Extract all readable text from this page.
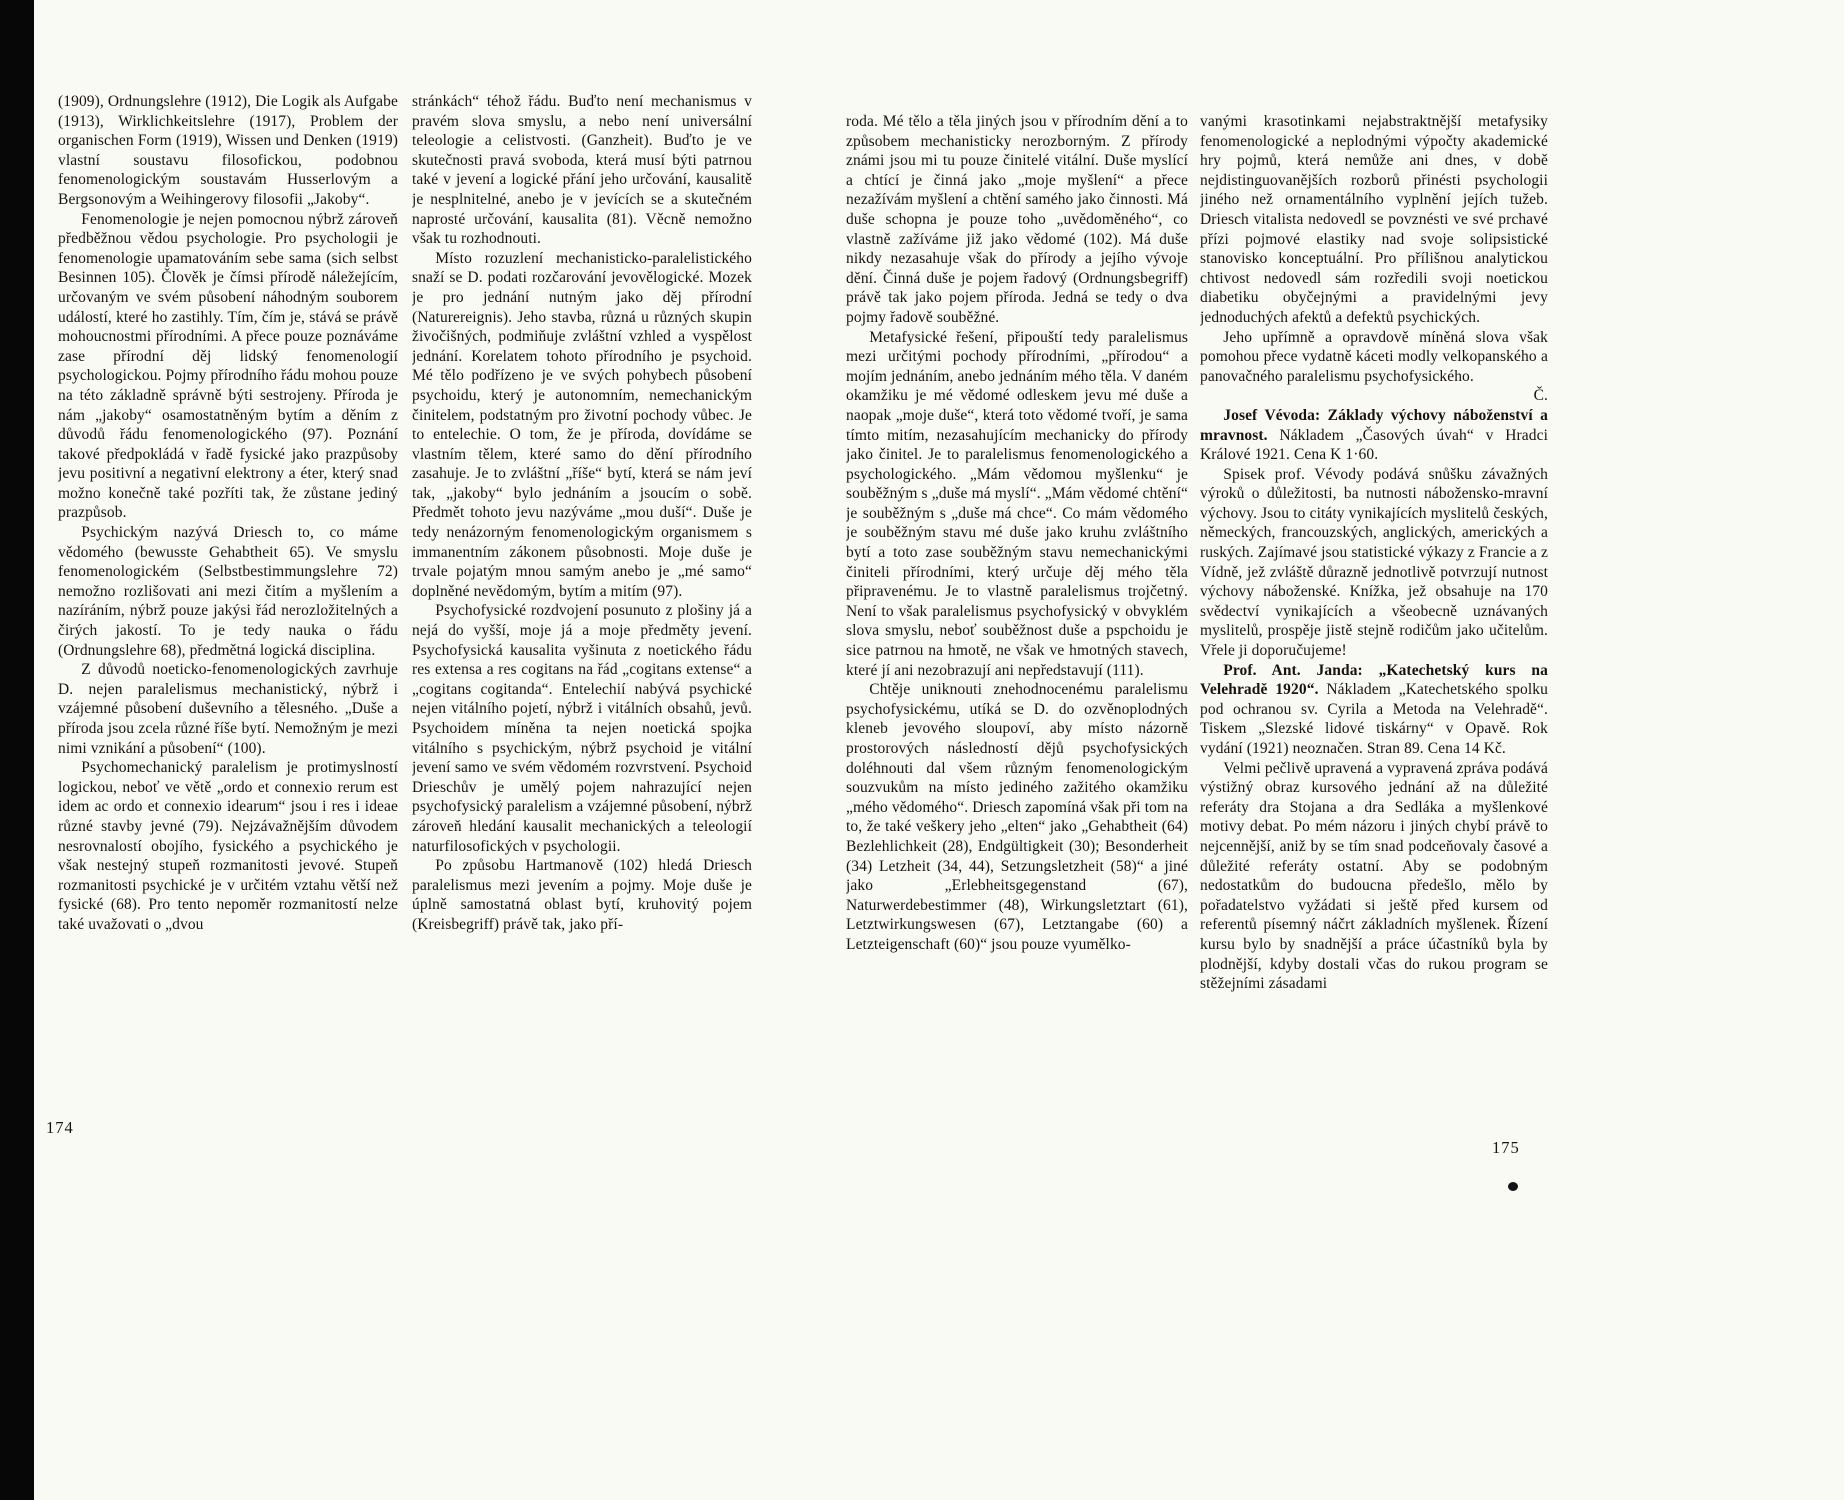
(1909), Ordnungslehre (1912), Die Logik als Aufgabe (1913), Wirklichkeitslehre (1917), Problem der organischen Form (1919), Wissen und Denken (1919) vlastní soustavu filosofickou, podobnou fenomenologickým soustavám Husserlovým a Bergsonovým a Weihingerovy filosofii „Jakoby“.

Fenomenologie je nejen pomocnou nýbrž zároveň předběžnou vědou psychologie. Pro psychologii je fenomenologie upamatováním sebe sama (sich selbst Besinnen 105). Člověk je čímsi přírodě náležejícím, určovaným ve svém působení náhodným souborem událostí, které ho zastihly. Tím, čím je, stává se právě mohoucnostmi přírodními. A přece pouze poznáváme zase přírodní děj lidský fenomenologií psychologickou. Pojmy přírodního řádu mohou pouze na této základně správně býti sestrojeny. Příroda je nám „jakoby“ osamostatněným bytím a děním z důvodů řádu fenomenologického (97). Poznání takové předpokládá v řadě fysické jako prazpůsoby jevu positivní a negativní elektrony a éter, který snad možno konečně také pozříti tak, že zůstane jediný prazpůsob.

Psychickým nazývá Driesch to, co máme vědomého (bewusste Gehabtheit 65). Ve smyslu fenomenologickém (Selbstbestimmungslehre 72) nemožno rozlišovati ani mezi čitím a myšlením a nazíráním, nýbrž pouze jakýsi řád nerozložitelných a čirých jakostí. To je tedy nauka o řádu (Ordnungslehre 68), předmětná logická disciplina.

Z důvodů noeticko-fenomenologických zavrhuje D. nejen paralelismus mechanistický, nýbrž i vzájemné působení duševního a tělesného. „Duše a příroda jsou zcela různé říše bytí. Nemožným je mezi nimi vznikání a působení“ (100).

Psychomechanický paralelism je protimyslností logickou, neboť ve větě „ordo et connexio rerum est idem ac ordo et connexio idearum“ jsou i res i ideae různé stavby jevné (79). Nejzávažnějším důvodem nesrovnalostí obojího, fysického a psychického je však nestejný stupeň rozmanitosti jevové. Stupeň rozmanitosti psychické je v určitém vztahu větší než fysické (68). Pro tento nepoměr rozmanitostí nelze také uvažovati o „dvou

stránkách“ téhož řádu. Buďto není mechanismus v pravém slova smyslu, a nebo není universální teleologie a celistvosti. (Ganzheit). Buďto je ve skutečnosti pravá svoboda, která musí býti patrnou také v jevení a logické přání jeho určování, kausalitě je nesplnitelné, anebo je v jevících se a skutečném naprosté určování, kausalita (81). Věcně nemožno však tu rozhodnouti.

Místo rozuzlení mechanisticko-paralelistického snaží se D. podati rozčarování jevovělogické. Mozek je pro jednání nutným jako děj přírodní (Naturereignis). Jeho stavba, různá u různých skupin živočišných, podmiňuje zvláštní vzhled a vyspělost jednání. Korelatem tohoto přírodního je psychoid. Mé tělo podřízeno je ve svých pohybech působení psychoidu, který je autonomním, nemechanickým činitelem, podstatným pro životní pochody vůbec. Je to entelechie. O tom, že je příroda, dovídáme se vlastním tělem, které samo do dění přírodního zasahuje. Je to zvláštní „říše“ bytí, která se nám jeví tak, „jakoby“ bylo jednáním a jsoucím o sobě. Předmět tohoto jevu nazýváme „mou duší“. Duše je tedy nenázorným fenomenologickým organismem s immanentním zákonem působnosti. Moje duše je trvale pojatým mnou samým anebo je „mé samo“ doplněné nevědomým, bytím a mitím (97).

Psychofysické rozdvojení posunuto z plošiny já a nejá do vyšší, moje já a moje předměty jevení. Psychofysická kausalita vyšinuta z noetického řádu res extensa a res cogitans na řád „cogitans extense“ a „cogitans cogitanda“. Entelechií nabývá psychické nejen vitálního pojetí, nýbrž i vitálních obsahů, jevů. Psychoidem míněna ta nejen noetická spojka vitálního s psychickým, nýbrž psychoid je vitální jevení samo ve svém vědomém rozvrstvení. Psychoid Drieschův je umělý pojem nahrazující nejen psychofysický paralelism a vzájemné působení, nýbrž zároveň hledání kausalit mechanických a teleologií naturfilosofických v psychologii.

Po způsobu Hartmanově (102) hledá Driesch paralelismus mezi jevením a pojmy. Moje duše je úplně samostatná oblast bytí, kruhovitý pojem (Kreisbegriff) právě tak, jako pří-

174

roda. Mé tělo a těla jiných jsou v přírodním dění a to způsobem mechanisticky nerozborným. Z přírody známi jsou mi tu pouze činitelé vitální. Duše myslící a chtící je činná jako „moje myšlení“ a přece nezažívám myšlení a chtění samého jako činnosti. Má duše schopna je pouze toho „uvědoměného“, co vlastně zažíváme již jako vědomé (102). Má duše nikdy nezasahuje však do přírody a jejího vývoje dění. Činná duše je pojem řadový (Ordnungsbegriff) právě tak jako pojem příroda. Jedná se tedy o dva pojmy řadově souběžné.

Metafysické řešení, připouští tedy paralelismus mezi určitými pochody přírodními, „přírodou“ a mojím jednáním, anebo jednáním mého těla. V daném okamžiku je mé vědomé odleskem jevu mé duše a naopak „moje duše“, která toto vědomé tvoří, je sama tímto mitím, nezasahujícím mechanicky do přírody jako činitel. Je to paralelismus fenomenologického a psychologického. „Mám vědomou myšlenku“ je souběžným s „duše má myslí“. „Mám vědomé chtění“ je souběžným s „duše má chce“. Co mám vědomého je souběžným stavu mé duše jako kruhu zvláštního bytí a toto zase souběžným stavu nemechanickými činiteli přírodními, který určuje děj mého těla připravenému. Je to vlastně paralelismus trojčetný. Není to však paralelismus psychofysický v obvyklém slova smyslu, neboť souběžnost duše a pspchoidu je sice patrnou na hmotě, ne však ve hmotných stavech, které jí ani nezobrazují ani nepředstavují (111).

Chtěje uniknouti znehodnocenému paralelismu psychofysickému, utíká se D. do ozvěnoplodných kleneb jevového sloupoví, aby místo názorně prostorových následností dějů psychofysických doléhnouti dal všem různým fenomenologickým souzvukům na místo jediného zažitého okamžiku „mého vědomého“. Driesch zapomíná však při tom na to, že také veškery jeho „elten“ jako „Gehabtheit (64) Bezlehlichkeit (28), Endgültigkeit (30); Besonderheit (34) Letzheit (34, 44), Setzungsletzheit (58)“ a jiné jako „Erlebheitsgegenstand (67), Naturwerdebestimmer (48), Wirkungsletztart (61), Letztwirkungswesen (67), Letztangabe (60) a Letzteigenschaft (60)“ jsou pouze vyumělko-

vanými krasotinkami nejabstraktnější metafysiky fenomenologické a neplodnými výpočty akademické hry pojmů, která nemůže ani dnes, v době nejdistinguovanějších rozborů přinésti psychologii jiného než ornamentálního vyplnění jejích tužeb. Driesch vitalista nedovedl se povznésti ve své prchavé přízi pojmové elastiky nad svoje solipsistické stanovisko konceptuální. Pro přílišnou analytickou chtivost nedovedl sám rozředili svoji noetickou diabetiku obyčejnými a pravidelnými jevy jednoduchých afektů a defektů psychických.

Jeho upřímně a opravdově míněná slova však pomohou přece vydatně káceti modly velkopanského a panovačného paralelismu psychofysického.

Č.

Josef Vévoda: Základy výchovy náboženství a mravnost. Nákladem „Časových úvah“ v Hradci Králové 1921. Cena K 1·60.

Spisek prof. Vévody podává snůšku závažných výroků o důležitosti, ba nutnosti nábožensko-mravní výchovy. Jsou to citáty vynikajících myslitelů českých, německých, francouzských, anglických, amerických a ruských. Zajímavé jsou statistické výkazy z Francie a z Vídně, jež zvláště důrazně jednotlivě potvrzují nutnost výchovy náboženské. Knížka, jež obsahuje na 170 svědectví vynikajících a všeobecně uznávaných myslitelů, prospěje jistě stejně rodičům jako učitelům. Vřele ji doporučujeme!

Prof. Ant. Janda: „Katechetský kurs na Velehradě 1920“. Nákladem „Katechetského spolku pod ochranou sv. Cyrila a Metoda na Velehradě“. Tiskem „Slezské lidové tiskárny“ v Opavě. Rok vydání (1921) neoznačen. Stran 89. Cena 14 Kč.

Velmi pečlivě upravená a vypravená zpráva podává výstižný obraz kursového jednání až na důležité referáty dra Stojana a dra Sedláka a myšlenkové motivy debat. Po mém názoru i jiných chybí právě to nejcennější, aniž by se tím snad podceňovaly časové a důležité referáty ostatní. Aby se podobným nedostatkům do budoucna předešlo, mělo by pořadatelstvo vyžádati si ještě před kursem od referentů písemný náčrt základních myšlenek. Řízení kursu bylo by snadnější a práce účastníků byla by plodnější, kdyby dostali včas do rukou program se stěžejními zásadami

175
